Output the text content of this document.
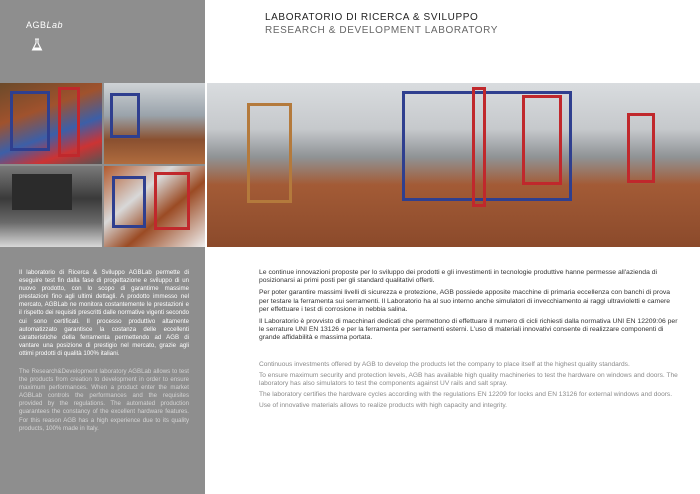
AGBLab
LABORATORIO DI RICERCA & SVILUPPO
RESEARCH & DEVELOPMENT LABORATORY
Il laboratorio di Ricerca & Sviluppo AGBLab permette di eseguire test fin dalla fase di progettazione e sviluppo di un nuovo prodotto, con lo scopo di garantirne massime prestazioni fino agli ultimi dettagli. A prodotto immesso nel mercato, AGBLab ne monitora costantemente le prestazioni e il rispetto dei requisiti prescritti dalle normative vigenti secondo cui sono certificati. Il processo produttivo altamente automatizzato garantisce la costanza delle eccellenti caratteristiche della ferramenta permettendo ad AGB di vantare una posizione di prestigio nel mercato, grazie agli ottimi prodotti di qualità 100% italiani.
The Research&Development laboratory AGBLab allows to test the products from creation to development in order to ensure maximum performances. When a product enter the market AGBLab controls the performances and the requisites provided by the regulations. The automated production guarantees the constancy of the excellent hardware features. For this reason AGB has a high experience due to its quality products, 100% made in Italy.

Le continue innovazioni proposte per lo sviluppo dei prodotti e gli investimenti in tecnologie produttive hanne permesse all'azienda di posizionarsi ai primi posti per gli standard qualitativi offerti.

Per poter garantire massimi livelli di sicurezza e protezione, AGB possiede apposite macchine di primaria eccellenza con banchi di prova per testare la ferramenta sui serramenti. Il Laboratorio ha al suo interno anche simulatori di invecchiamento ai raggi ultravioletti e camere per effettuare i test di corrosione in nebbia salina.

Il Laboratorio è provvisto di macchinari dedicati che permettono di effettuare il numero di cicli richiesti dalla normativa UNI EN 12209:06 per le serrature UNI EN 13126 e per la ferramenta per serramenti esterni. L'uso di materiali innovativi consente di realizzare componenti di grande affidabilità e massima portata.

Continuous investments offered by AGB to develop the products let the company to place itself at the highest quality standards.

To ensure maximum security and protection levels, AGB has available high quality machineries to test the hardware on windows and doors. The laboratory has also simulators to test the components against UV rails and salt spray.

The laboratory certifies the hardware cycles according with the regulations EN 12209 for locks and EN 13126 for external windows and doors.

Use of innovative materials allows to realize products with high capacity and integrity.
